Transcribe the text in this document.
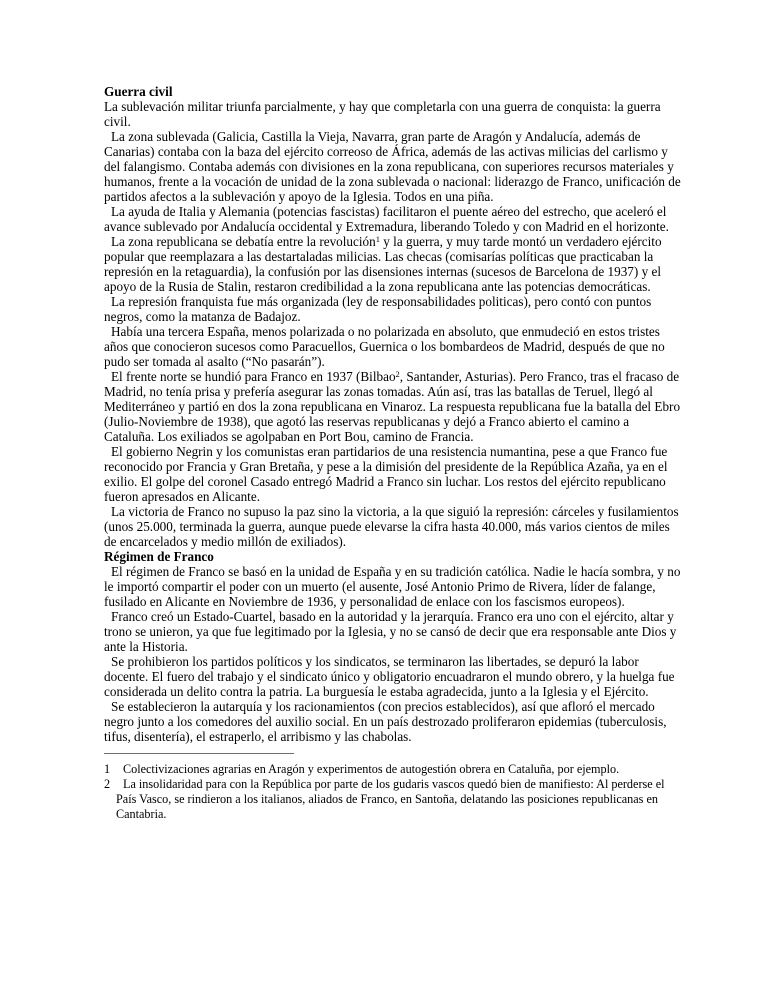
Guerra civil

La sublevación militar triunfa parcialmente, y hay que completarla con una guerra de conquista: la guerra civil.

La zona sublevada (Galicia, Castilla la Vieja, Navarra, gran parte de Aragón y Andalucía, además de Canarias) contaba con la baza del ejército correoso de África, además de las activas milicias del carlismo y del falangismo. Contaba además con divisiones en la zona republicana, con superiores recursos materiales y humanos, frente a la vocación de unidad de la zona sublevada o nacional: liderazgo de Franco, unificación de partidos afectos a la sublevación y apoyo de la Iglesia. Todos en una piña.

La ayuda de Italia y Alemania (potencias fascistas) facilitaron el puente aéreo del estrecho, que aceleró el avance sublevado por Andalucía occidental y Extremadura, liberando Toledo y con Madrid en el horizonte.

La zona republicana se debatía entre la revolución$^1$ y la guerra, y muy tarde montó un verdadero ejército popular que reemplazara a las destartaladas milicias. Las checas (comisarías políticas que practicaban la represión en la retaguardia), la confusión por las disensiones internas (sucesos de Barcelona de 1937) y el apoyo de la Rusia de Stalin, restaron credibilidad a la zona republicana ante las potencias democráticas.

La represión franquista fue más organizada (ley de responsabilidades politicas), pero contó con puntos negros, como la matanza de Badajoz.

Había una tercera España, menos polarizada o no polarizada en absoluto, que enmudeció en estos tristes años que conocieron sucesos como Paracuellos, Guernica o los bombardeos de Madrid, después de que no pudo ser tomada al asalto (“No pasarán”).

El frente norte se hundió para Franco en 1937 (Bilbao$^2$, Santander, Asturias). Pero Franco, tras el fracaso de Madrid, no tenía prisa y prefería asegurar las zonas tomadas. Aún así, tras las batallas de Teruel, llegó al Mediterráneo y partió en dos la zona republicana en Vinaroz. La respuesta republicana fue la batalla del Ebro (Julio-Noviembre de 1938), que agotó las reservas republicanas y dejó a Franco abierto el camino a Cataluña. Los exiliados se agolpaban en Port Bou, camino de Francia.

El gobierno Negrin y los comunistas eran partidarios de una resistencia numantina, pese a que Franco fue reconocido por Francia y Gran Bretaña, y pese a la dimisión del presidente de la República Azaña, ya en el exilio. El golpe del coronel Casado entregó Madrid a Franco sin luchar. Los restos del ejército republicano fueron apresados en Alicante.

La victoria de Franco no supuso la paz sino la victoria, a la que siguió la represión: cárceles y fusilamientos (unos 25.000, terminada la guerra, aunque puede elevarse la cifra hasta 40.000, más varios cientos de miles de encarcelados y medio millón de exiliados).

Régimen de Franco

El régimen de Franco se basó en la unidad de España y en su tradición católica. Nadie le hacía sombra, y no le importó compartir el poder con un muerto (el ausente, José Antonio Primo de Rivera, líder de falange, fusilado en Alicante en Noviembre de 1936, y personalidad de enlace con los fascismos europeos).

Franco creó un Estado-Cuartel, basado en la autoridad y la jerarquía. Franco era uno con el ejército, altar y trono se unieron, ya que fue legitimado por la Iglesia, y no se cansó de decir que era responsable ante Dios y ante la Historia.

Se prohibieron los partidos políticos y los sindicatos, se terminaron las libertades, se depuró la labor docente. El fuero del trabajo y el sindicato único y obligatorio encuadraron el mundo obrero, y la huelga fue considerada un delito contra la patria. La burguesía le estaba agradecida, junto a la Iglesia y el Ejército.

Se establecieron la autarquía y los racionamientos (con precios establecidos), así que afloró el mercado negro junto a los comedores del auxilio social. En un país destrozado proliferaron epidemias (tuberculosis, tifus, disentería), el estraperlo, el arribismo y las chabolas.

1 Colectivizaciones agrarias en Aragón y experimentos de autogestión obrera en Cataluña, por ejemplo.
2 La insolidaridad para con la República por parte de los gudaris vascos quedó bien de manifiesto: Al perderse el País Vasco, se rindieron a los italianos, aliados de Franco, en Santoña, delatando las posiciones republicanas en Cantabria.
